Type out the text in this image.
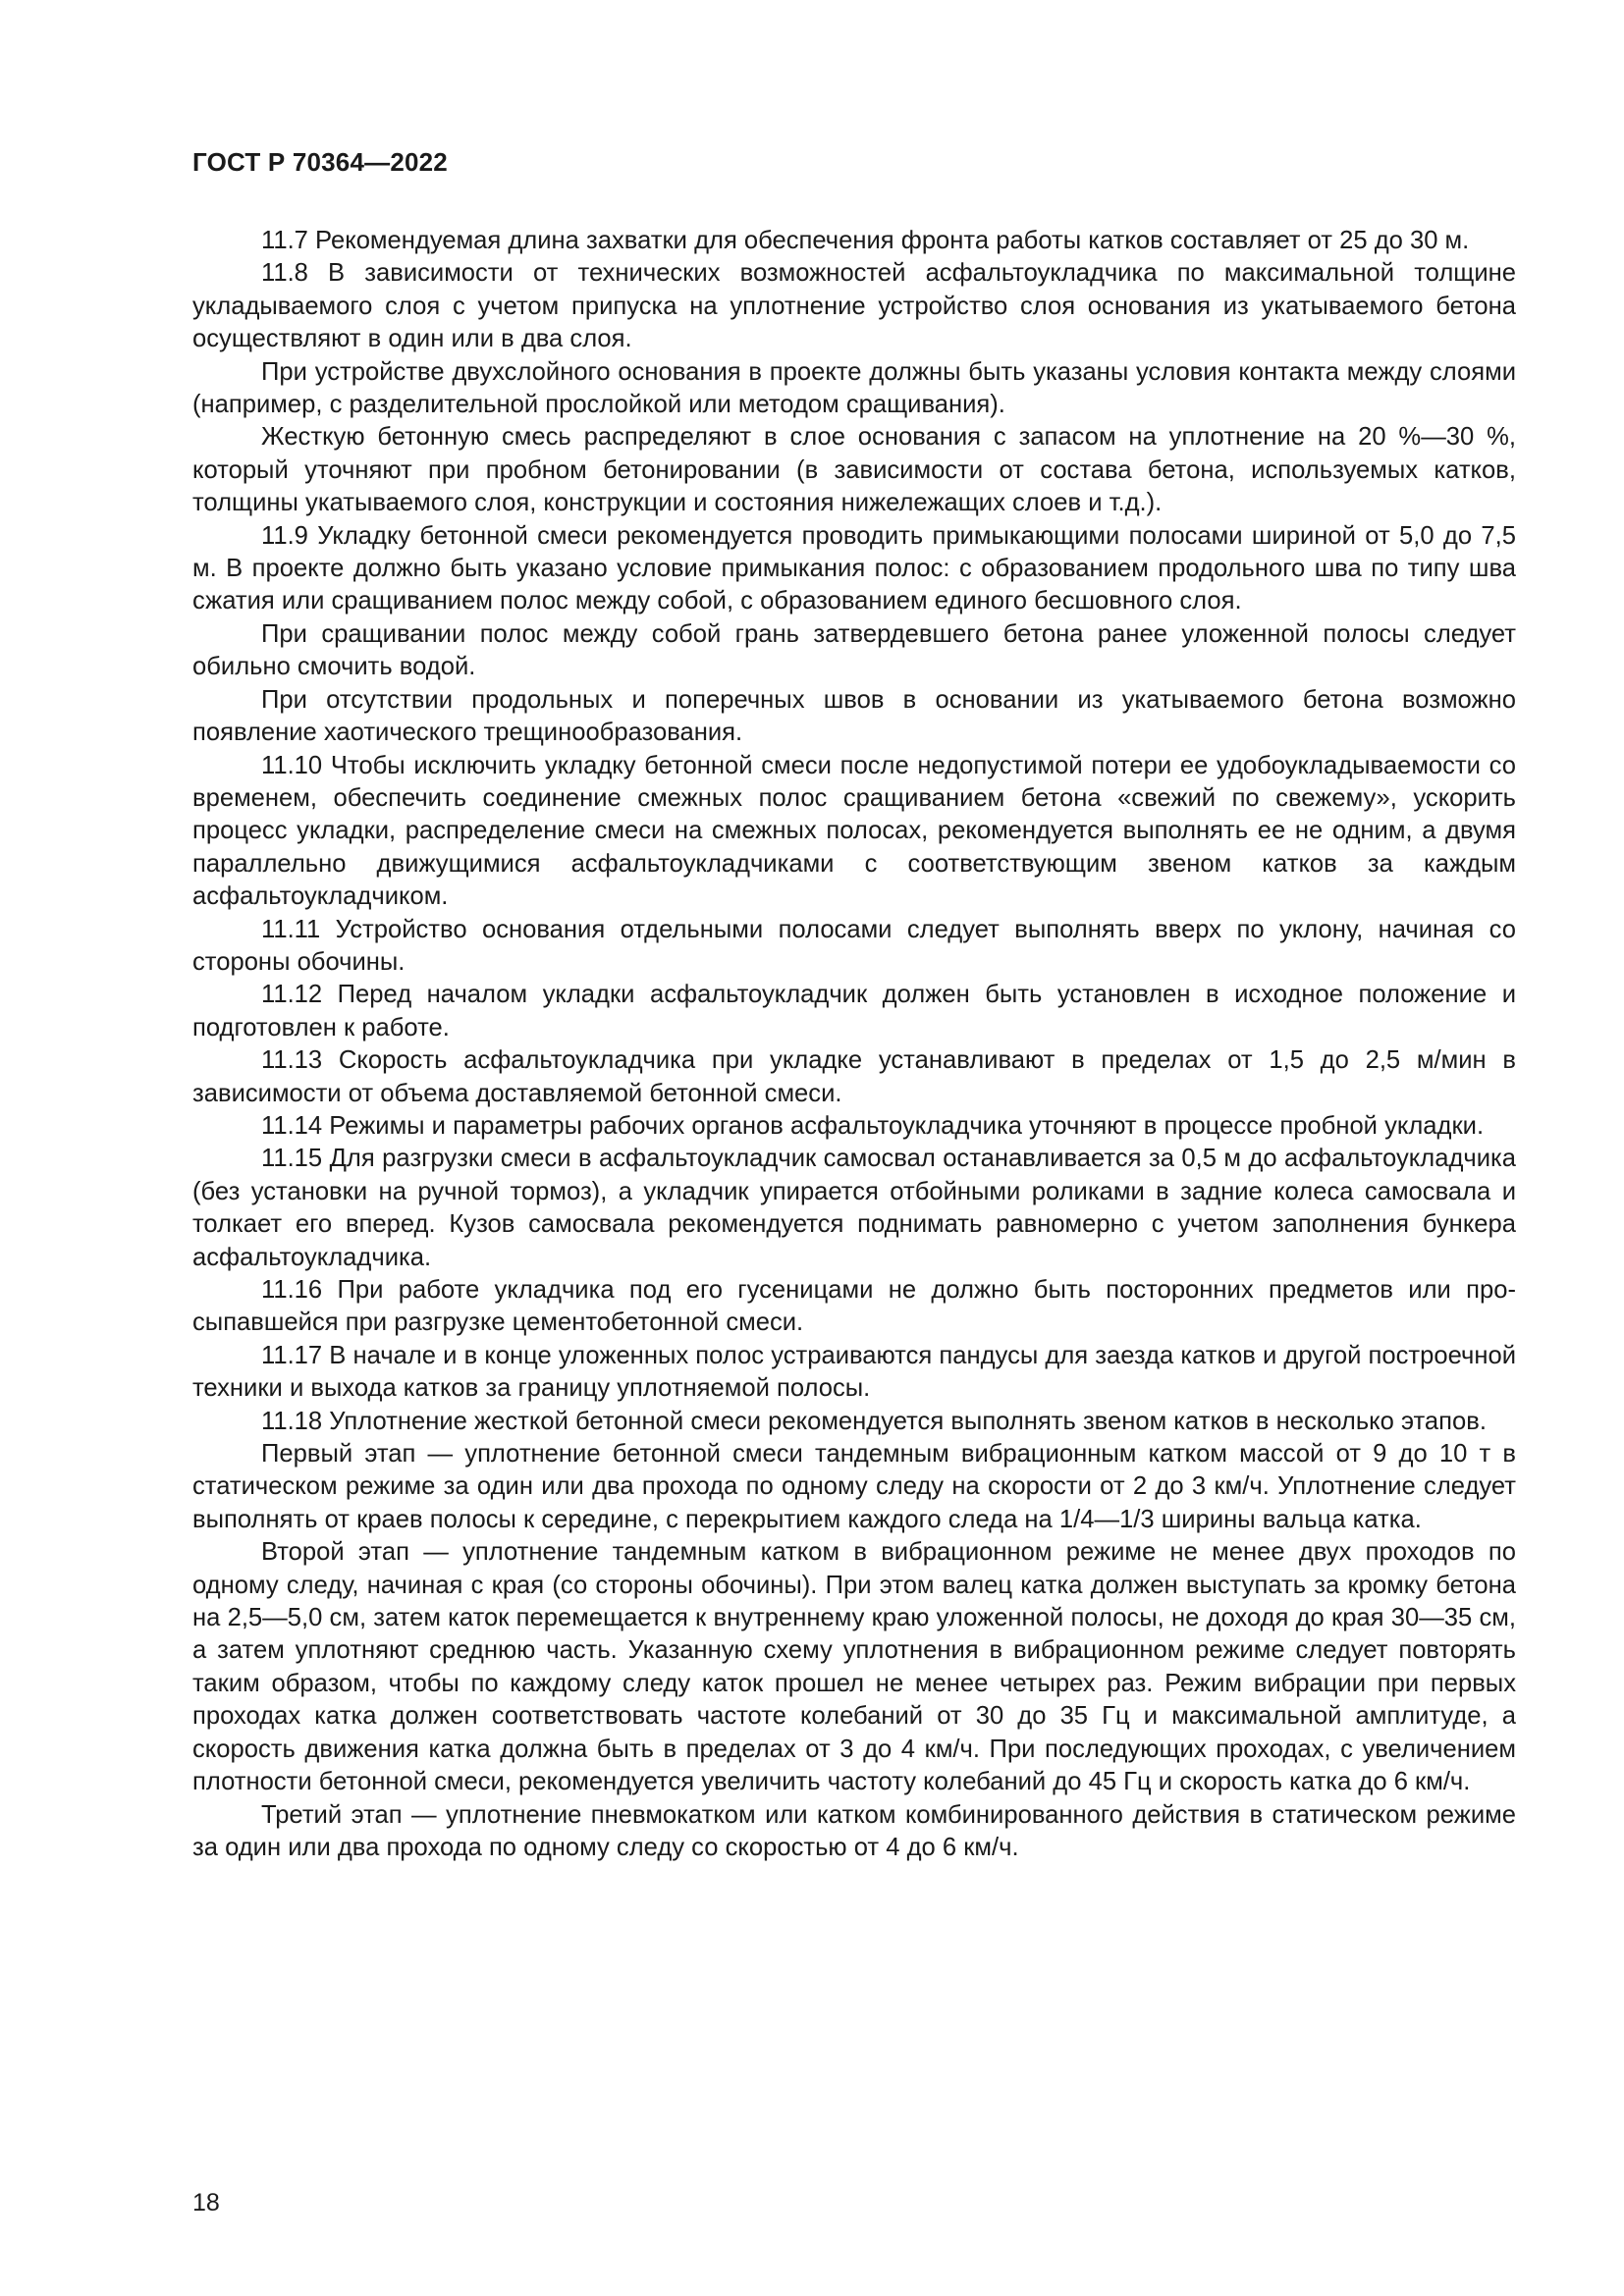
ГОСТ Р 70364—2022

11.7 Рекомендуемая длина захватки для обеспечения фронта работы катков составляет от 25 до 30 м.

11.8 В зависимости от технических возможностей асфальтоукладчика по максимальной толщине укладываемого слоя с учетом припуска на уплотнение устройство слоя основания из укатываемого бетона осуществляют в один или в два слоя.

При устройстве двухслойного основания в проекте должны быть указаны условия контакта между слоями (например, с разделительной прослойкой или методом сращивания).

Жесткую бетонную смесь распределяют в слое основания с запасом на уплотнение на 20 %—30 %, который уточняют при пробном бетонировании (в зависимости от состава бетона, используемых катков, толщины укатываемого слоя, конструкции и состояния нижележащих слоев и т.д.).

11.9 Укладку бетонной смеси рекомендуется проводить примыкающими полосами шириной от 5,0 до 7,5 м. В проекте должно быть указано условие примыкания полос: с образованием продольного шва по типу шва сжатия или сращиванием полос между собой, с образованием единого бесшовного слоя.

При сращивании полос между собой грань затвердевшего бетона ранее уложенной полосы следует обильно смочить водой.

При отсутствии продольных и поперечных швов в основании из укатываемого бетона возможно появление хаотического трещинообразования.

11.10 Чтобы исключить укладку бетонной смеси после недопустимой потери ее удобоукладываемости со временем, обеспечить соединение смежных полос сращиванием бетона «свежий по свежему», ускорить процесс укладки, распределение смеси на смежных полосах, рекомендуется выполнять ее не одним, а двумя параллельно движущимися асфальтоукладчиками с соответствующим звеном катков за каждым асфальтоукладчиком.

11.11 Устройство основания отдельными полосами следует выполнять вверх по уклону, начиная со стороны обочины.

11.12 Перед началом укладки асфальтоукладчик должен быть установлен в исходное положение и подготовлен к работе.

11.13 Скорость асфальтоукладчика при укладке устанавливают в пределах от 1,5 до 2,5 м/мин в зависимости от объема доставляемой бетонной смеси.

11.14 Режимы и параметры рабочих органов асфальтоукладчика уточняют в процессе пробной укладки.

11.15 Для разгрузки смеси в асфальтоукладчик самосвал останавливается за 0,5 м до асфальтоукладчика (без установки на ручной тормоз), а укладчик упирается отбойными роликами в задние колеса самосвала и толкает его вперед. Кузов самосвала рекомендуется поднимать равномерно с учетом заполнения бункера асфальтоукладчика.

11.16 При работе укладчика под его гусеницами не должно быть посторонних предметов или просыпавшейся при разгрузке цементобетонной смеси.

11.17 В начале и в конце уложенных полос устраиваются пандусы для заезда катков и другой построечной техники и выхода катков за границу уплотняемой полосы.

11.18 Уплотнение жесткой бетонной смеси рекомендуется выполнять звеном катков в несколько этапов.

Первый этап — уплотнение бетонной смеси тандемным вибрационным катком массой от 9 до 10 т в статическом режиме за один или два прохода по одному следу на скорости от 2 до 3 км/ч. Уплотнение следует выполнять от краев полосы к середине, с перекрытием каждого следа на 1/4—1/3 ширины вальца катка.

Второй этап — уплотнение тандемным катком в вибрационном режиме не менее двух проходов по одному следу, начиная с края (со стороны обочины). При этом валец катка должен выступать за кромку бетона на 2,5—5,0 см, затем каток перемещается к внутреннему краю уложенной полосы, не доходя до края 30—35 см, а затем уплотняют среднюю часть. Указанную схему уплотнения в вибрационном режиме следует повторять таким образом, чтобы по каждому следу каток прошел не менее четырех раз. Режим вибрации при первых проходах катка должен соответствовать частоте колебаний от 30 до 35 Гц и максимальной амплитуде, а скорость движения катка должна быть в пределах от 3 до 4 км/ч. При последующих проходах, с увеличением плотности бетонной смеси, рекомендуется увеличить частоту колебаний до 45 Гц и скорость катка до 6 км/ч.

Третий этап — уплотнение пневмокатком или катком комбинированного действия в статическом режиме за один или два прохода по одному следу со скоростью от 4 до 6 км/ч.

18
